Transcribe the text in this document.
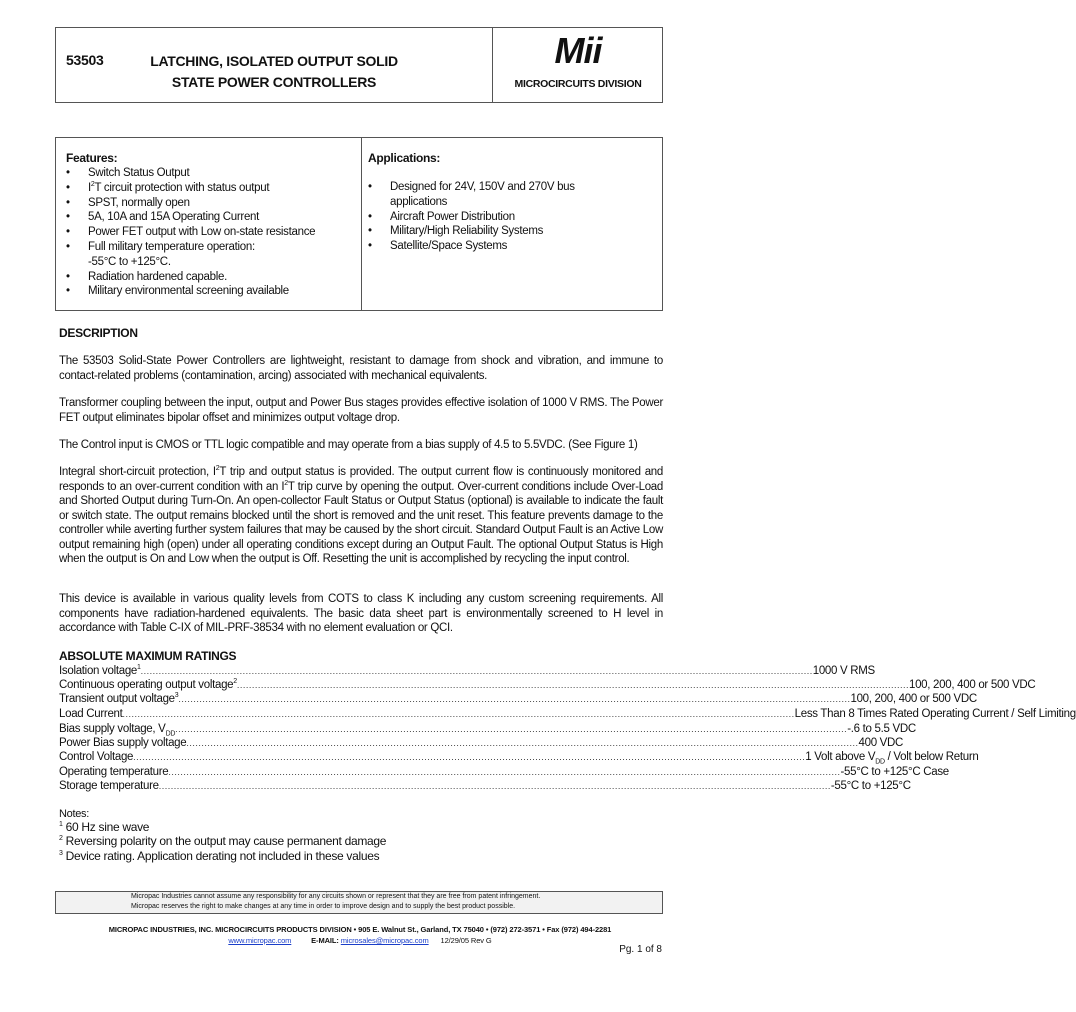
53503	LATCHING, ISOLATED OUTPUT SOLID
STATE POWER CONTROLLERS
Mii
MICROCIRCUITS DIVISION
Features:
• Switch Status Output
• $I^2T$ circuit protection with status output
• SPST, normally open
• 5A, 10A and 15A Operating Current
• Power FET output with Low on-state resistance
• Full military temperature operation:
-55°C to +125°C.
• Radiation hardened capable.
• Military environmental screening available
Applications:
• Designed for 24V, 150V and 270V bus
applications
• Aircraft Power Distribution
• Military/High Reliability Systems
• Satellite/Space Systems
DESCRIPTION
The 53503 Solid-State Power Controllers are lightweight, resistant to damage from shock and vibration, and immune to contact-related problems (contamination, arcing) associated with mechanical equivalents.
Transformer coupling between the input, output and Power Bus stages provides effective isolation of 1000 V RMS. The Power FET output eliminates bipolar offset and minimizes output voltage drop.
The Control input is CMOS or TTL logic compatible and may operate from a bias supply of 4.5 to 5.5VDC. (See Figure 1)
Integral short-circuit protection, $I^2T$ trip and output status is provided. The output current flow is continuously monitored and responds to an over-current condition with an $I^2T$ trip curve by opening the output. Over-current conditions include Over-Load and Shorted Output during Turn-On. An open-collector Fault Status or Output Status (optional) is available to indicate the fault or switch state. The output remains blocked until the short is removed and the unit reset. This feature prevents damage to the controller while averting further system failures that may be caused by the short circuit. Standard Output Fault is an Active Low output remaining high (open) under all operating conditions except during an Output Fault. The optional Output Status is High when the output is On and Low when the output is Off. Resetting the unit is accomplished by recycling the input control.
This device is available in various quality levels from COTS to class K including any custom screening requirements. All components have radiation-hardened equivalents. The basic data sheet part is environmentally screened to H level in accordance with Table C-IX of MIL-PRF-38534 with no element evaluation or QCI.
ABSOLUTE MAXIMUM RATINGS
Isolation voltage$^1$ ................................................................................................................................................................................................................................ 1000 V RMS
Continuous operating output voltage$^2$ ................................................................................................................................................................................................................................ 100, 200, 400 or 500 VDC
Transient output voltage$^3$ ................................................................................................................................................................................................................................ 100, 200, 400 or 500 VDC
Load Current ................................................................................................................................................................................................................................ Less Than 8 Times Rated Operating Current / Self Limiting
Bias supply voltage, $V_{DD}$ ................................................................................................................................................................................................................................ -.6 to 5.5 VDC
Power Bias supply voltage ................................................................................................................................................................................................................................ 400 VDC
Control Voltage ................................................................................................................................................................................................................................ 1 Volt above $V_{DD}$ / Volt below Return
Operating temperature ................................................................................................................................................................................................................................ -55°C to +125°C Case
Storage temperature ................................................................................................................................................................................................................................ -55°C to +125°C
Notes:
$^1$ 60 Hz sine wave
$^2$ Reversing polarity on the output may cause permanent damage
$^3$ Device rating. Application derating not included in these values
Micropac Industries cannot assume any responsibility for any circuits shown or represent that they are free from patent infringement.
Micropac reserves the right to make changes at any time in order to improve design and to supply the best product possible.
MICROPAC INDUSTRIES, INC. MICROCIRCUITS PRODUCTS DIVISION • 905 E. Walnut St., Garland, TX 75040 • (972) 272-3571 • Fax (972) 494-2281
www.micropac.com	E-MAIL: microsales@micropac.com 12/29/05 Rev G
Pg. 1 of 8
